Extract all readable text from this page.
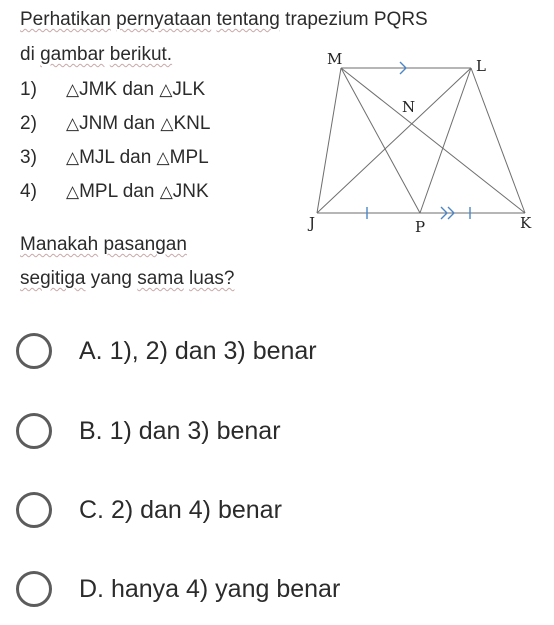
Perhatikan pernyataan tentang trapezium PQRS
di gambar berikut.
1) △JMK dan △JLK
2) △JNM dan △KNL
3) △MJL dan △MPL
4) △MPL dan △JNK
M	L
N
J	P	K
Manakah pasangan
segitiga yang sama luas?
A. 1), 2) dan 3) benar
B. 1) dan 3) benar
C. 2) dan 4) benar
D. hanya 4) yang benar
